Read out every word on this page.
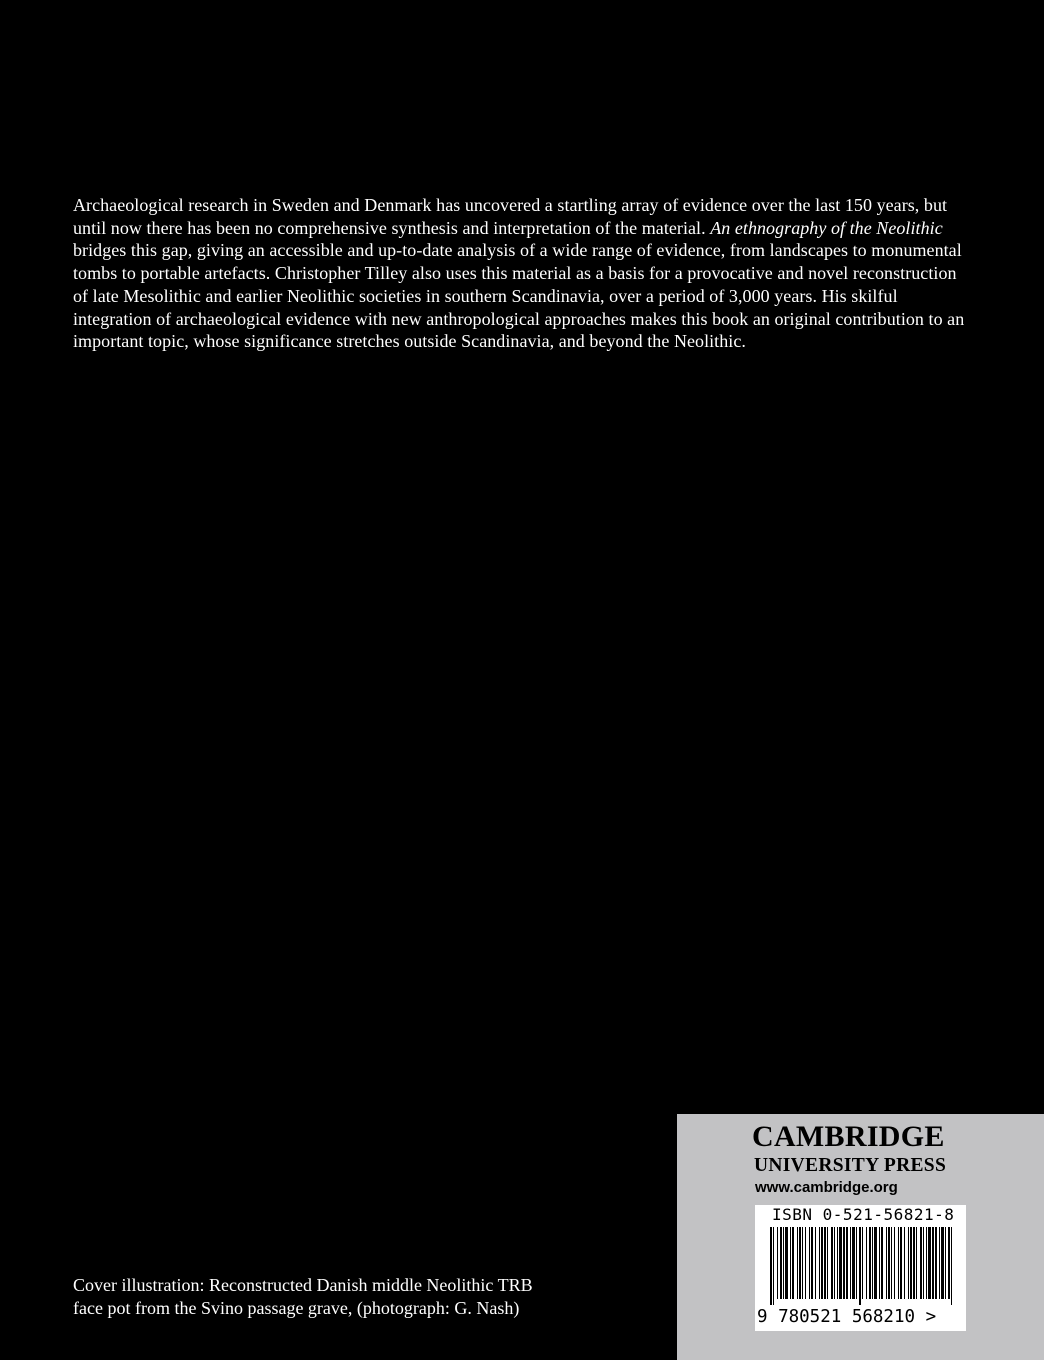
Archaeological research in Sweden and Denmark has uncovered a startling array of evidence over the last 150 years, but until now there has been no comprehensive synthesis and interpretation of the material. An ethnography of the Neolithic bridges this gap, giving an accessible and up-to-date analysis of a wide range of evidence, from landscapes to monumental tombs to portable artefacts. Christopher Tilley also uses this material as a basis for a provocative and novel reconstruction of late Mesolithic and earlier Neolithic societies in southern Scandinavia, over a period of 3,000 years. His skilful integration of archaeological evidence with new anthropological approaches makes this book an original contribution to an important topic, whose significance stretches outside Scandinavia, and beyond the Neolithic.

Cover illustration: Reconstructed Danish middle Neolithic TRB
face pot from the Svino passage grave, (photograph: G. Nash)

CAMBRIDGE
UNIVERSITY PRESS
www.cambridge.org
ISBN 0-521-56821-8
9 780521 568210 >
